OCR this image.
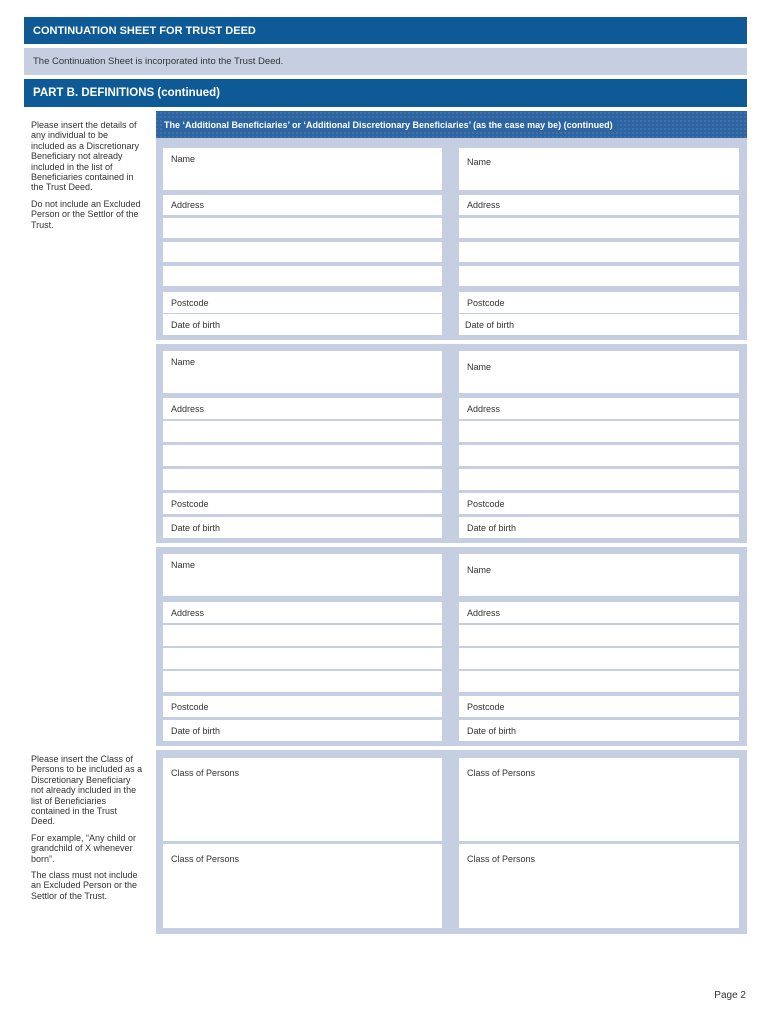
CONTINUATION SHEET FOR TRUST DEED
The Continuation Sheet is incorporated into the Trust Deed.
PART B. DEFINITIONS (continued)

Please insert the details of any individual to be included as a Discretionary Beneficiary not already included in the list of Beneficiaries contained in the Trust Deed.

Do not include an Excluded Person or the Settlor of the Trust.

Please insert the Class of Persons to be included as a Discretionary Beneficiary not already included in the list of Beneficiaries contained in the Trust Deed.

For example, “Any child or grandchild of X whenever born”.

The class must not include an Excluded Person or the Settlor of the Trust.

The ‘Additional Beneficiaries’ or ‘Additional Discretionary Beneficiaries’ (as the case may be) (continued)
Name	Name
Address	Address
Postcode	Postcode
Date of birth	Date of birth
Name	Name
Address	Address
Postcode	Postcode
Date of birth	Date of birth
Name	Name
Address	Address
Postcode	Postcode
Date of birth	Date of birth
Class of Persons	Class of Persons
Class of Persons	Class of Persons
Page 2
